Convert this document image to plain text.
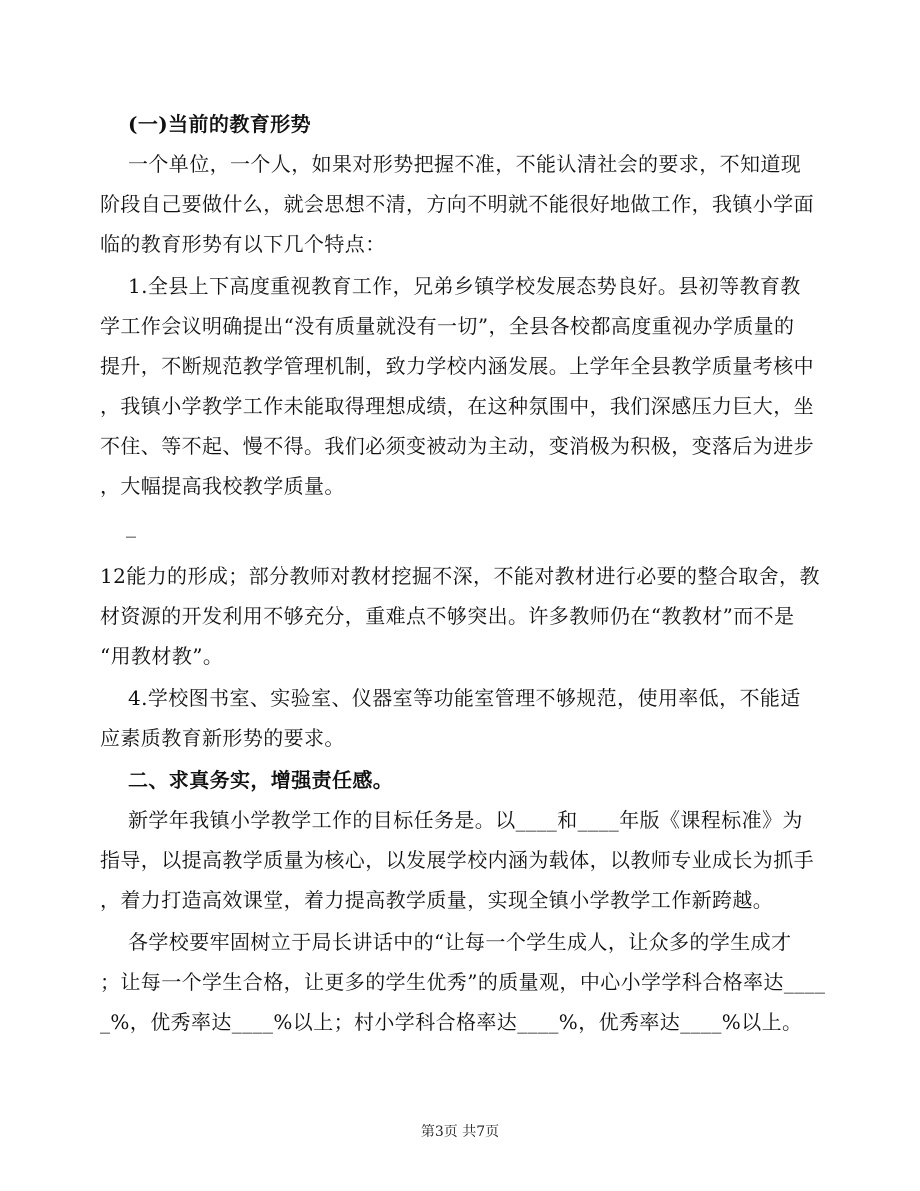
(一)当前的教育形势
一个单位，一个人，如果对形势把握不准，不能认清社会的要求，不知道现
阶段自己要做什么，就会思想不清，方向不明就不能很好地做工作，我镇小学面
临的教育形势有以下几个特点：
1.全县上下高度重视教育工作，兄弟乡镇学校发展态势良好。县初等教育教
学工作会议明确提出“没有质量就没有一切”，全县各校都高度重视办学质量的
提升，不断规范教学管理机制，致力学校内涵发展。上学年全县教学质量考核中
，我镇小学教学工作未能取得理想成绩，在这种氛围中，我们深感压力巨大，坐
不住、等不起、慢不得。我们必须变被动为主动，变消极为积极，变落后为进步
，大幅提高我校教学质量。
_
12能力的形成；部分教师对教材挖掘不深，不能对教材进行必要的整合取舍，教
材资源的开发利用不够充分，重难点不够突出。许多教师仍在“教教材”而不是
“用教材教”。
4.学校图书室、实验室、仪器室等功能室管理不够规范，使用率低，不能适
应素质教育新形势的要求。
二、求真务实，增强责任感。
新学年我镇小学教学工作的目标任务是。以____和____年版《课程标准》为
指导，以提高教学质量为核心，以发展学校内涵为载体，以教师专业成长为抓手
，着力打造高效课堂，着力提高教学质量，实现全镇小学教学工作新跨越。
各学校要牢固树立于局长讲话中的“让每一个学生成人，让众多的学生成才
；让每一个学生合格，让更多的学生优秀”的质量观，中心小学学科合格率达____
_%，优秀率达____%以上；村小学科合格率达____%，优秀率达____%以上。
第3页 共7页
